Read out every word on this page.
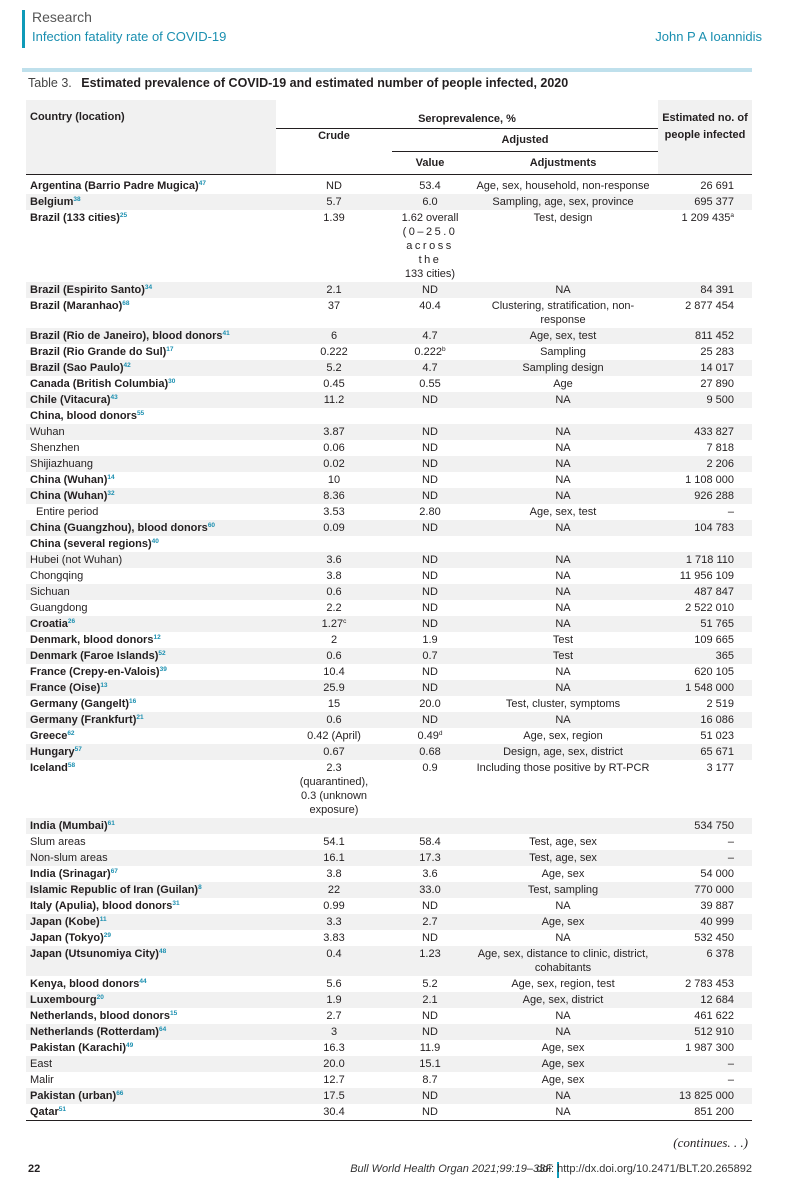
Research
Infection fatality rate of COVID-19	John P A Ioannidis
Table 3. Estimated prevalence of COVID-19 and estimated number of people infected, 2020
Country (location)	Seroprevalence, %			Estimated no. of people infected
	Crude	Adjusted		
		Value	Adjustments	
Argentina (Barrio Padre Mugica)$^{47}$	ND	53.4	Age, sex, household, non-response	26 691
Belgium$^{38}$	5.7	6.0	Sampling, age, sex, province	695 377
Brazil (133 cities)$^{25}$	1.39	1.62 overall
(0–25.0
across the
133 cities)	Test, design	1 209 435$^a$
Brazil (Espirito Santo)$^{34}$	2.1	ND	NA	84 391
Brazil (Maranhao)$^{68}$	37	40.4	Clustering, stratification, non-response	2 877 454
Brazil (Rio de Janeiro), blood donors$^{41}$	6	4.7	Age, sex, test	811 452
Brazil (Rio Grande do Sul)$^{17}$	0.222	0.222$^b$	Sampling	25 283
Brazil (Sao Paulo)$^{42}$	5.2	4.7	Sampling design	14 017
Canada (British Columbia)$^{30}$	0.45	0.55	Age	27 890
Chile (Vitacura)$^{43}$	11.2	ND	NA	9 500
China, blood donors$^{55}$				
Wuhan	3.87	ND	NA	433 827
Shenzhen	0.06	ND	NA	7 818
Shijiazhuang	0.02	ND	NA	2 206
China (Wuhan)$^{14}$	10	ND	NA	1 108 000
China (Wuhan)$^{32}$	8.36	ND	NA	926 288
Entire period	3.53	2.80	Age, sex, test	–
China (Guangzhou), blood donors$^{60}$	0.09	ND	NA	104 783
China (several regions)$^{40}$				
Hubei (not Wuhan)	3.6	ND	NA	1 718 110
Chongqing	3.8	ND	NA	11 956 109
Sichuan	0.6	ND	NA	487 847
Guangdong	2.2	ND	NA	2 522 010
Croatia$^{26}$	1.27$^c$	ND	NA	51 765
Denmark, blood donors$^{12}$	2	1.9	Test	109 665
Denmark (Faroe Islands)$^{52}$	0.6	0.7	Test	365
France (Crepy-en-Valois)$^{39}$	10.4	ND	NA	620 105
France (Oise)$^{13}$	25.9	ND	NA	1 548 000
Germany (Gangelt)$^{16}$	15	20.0	Test, cluster, symptoms	2 519
Germany (Frankfurt)$^{21}$	0.6	ND	NA	16 086
Greece$^{62}$	0.42 (April)	0.49$^d$	Age, sex, region	51 023
Hungary$^{57}$	0.67	0.68	Design, age, sex, district	65 671
Iceland$^{58}$	2.3
(quarantined),
0.3 (unknown
exposure)	0.9	Including those positive by RT-PCR	3 177
India (Mumbai)$^{61}$				534 750
Slum areas	54.1	58.4	Test, age, sex	–
Non-slum areas	16.1	17.3	Test, age, sex	–
India (Srinagar)$^{67}$	3.8	3.6	Age, sex	54 000
Islamic Republic of Iran (Guilan)$^8$	22	33.0	Test, sampling	770 000
Italy (Apulia), blood donors$^{31}$	0.99	ND	NA	39 887
Japan (Kobe)$^{11}$	3.3	2.7	Age, sex	40 999
Japan (Tokyo)$^{29}$	3.83	ND	NA	532 450
Japan (Utsunomiya City)$^{48}$	0.4	1.23	Age, sex, distance to clinic, district,
cohabitants	6 378
Kenya, blood donors$^{44}$	5.6	5.2	Age, sex, region, test	2 783 453
Luxembourg$^{20}$	1.9	2.1	Age, sex, district	12 684
Netherlands, blood donors$^{15}$	2.7	ND	NA	461 622
Netherlands (Rotterdam)$^{64}$	3	ND	NA	512 910
Pakistan (Karachi)$^{49}$	16.3	11.9	Age, sex	1 987 300
East	20.0	15.1	Age, sex	–
Malir	12.7	8.7	Age, sex	–
Pakistan (urban)$^{66}$	17.5	ND	NA	13 825 000
Qatar$^{51}$	30.4	ND	NA	851 200

(continues. . .)
22	Bull World Health Organ 2021;99:19–33F
doi: http://dx.doi.org/10.2471/BLT.20.265892
